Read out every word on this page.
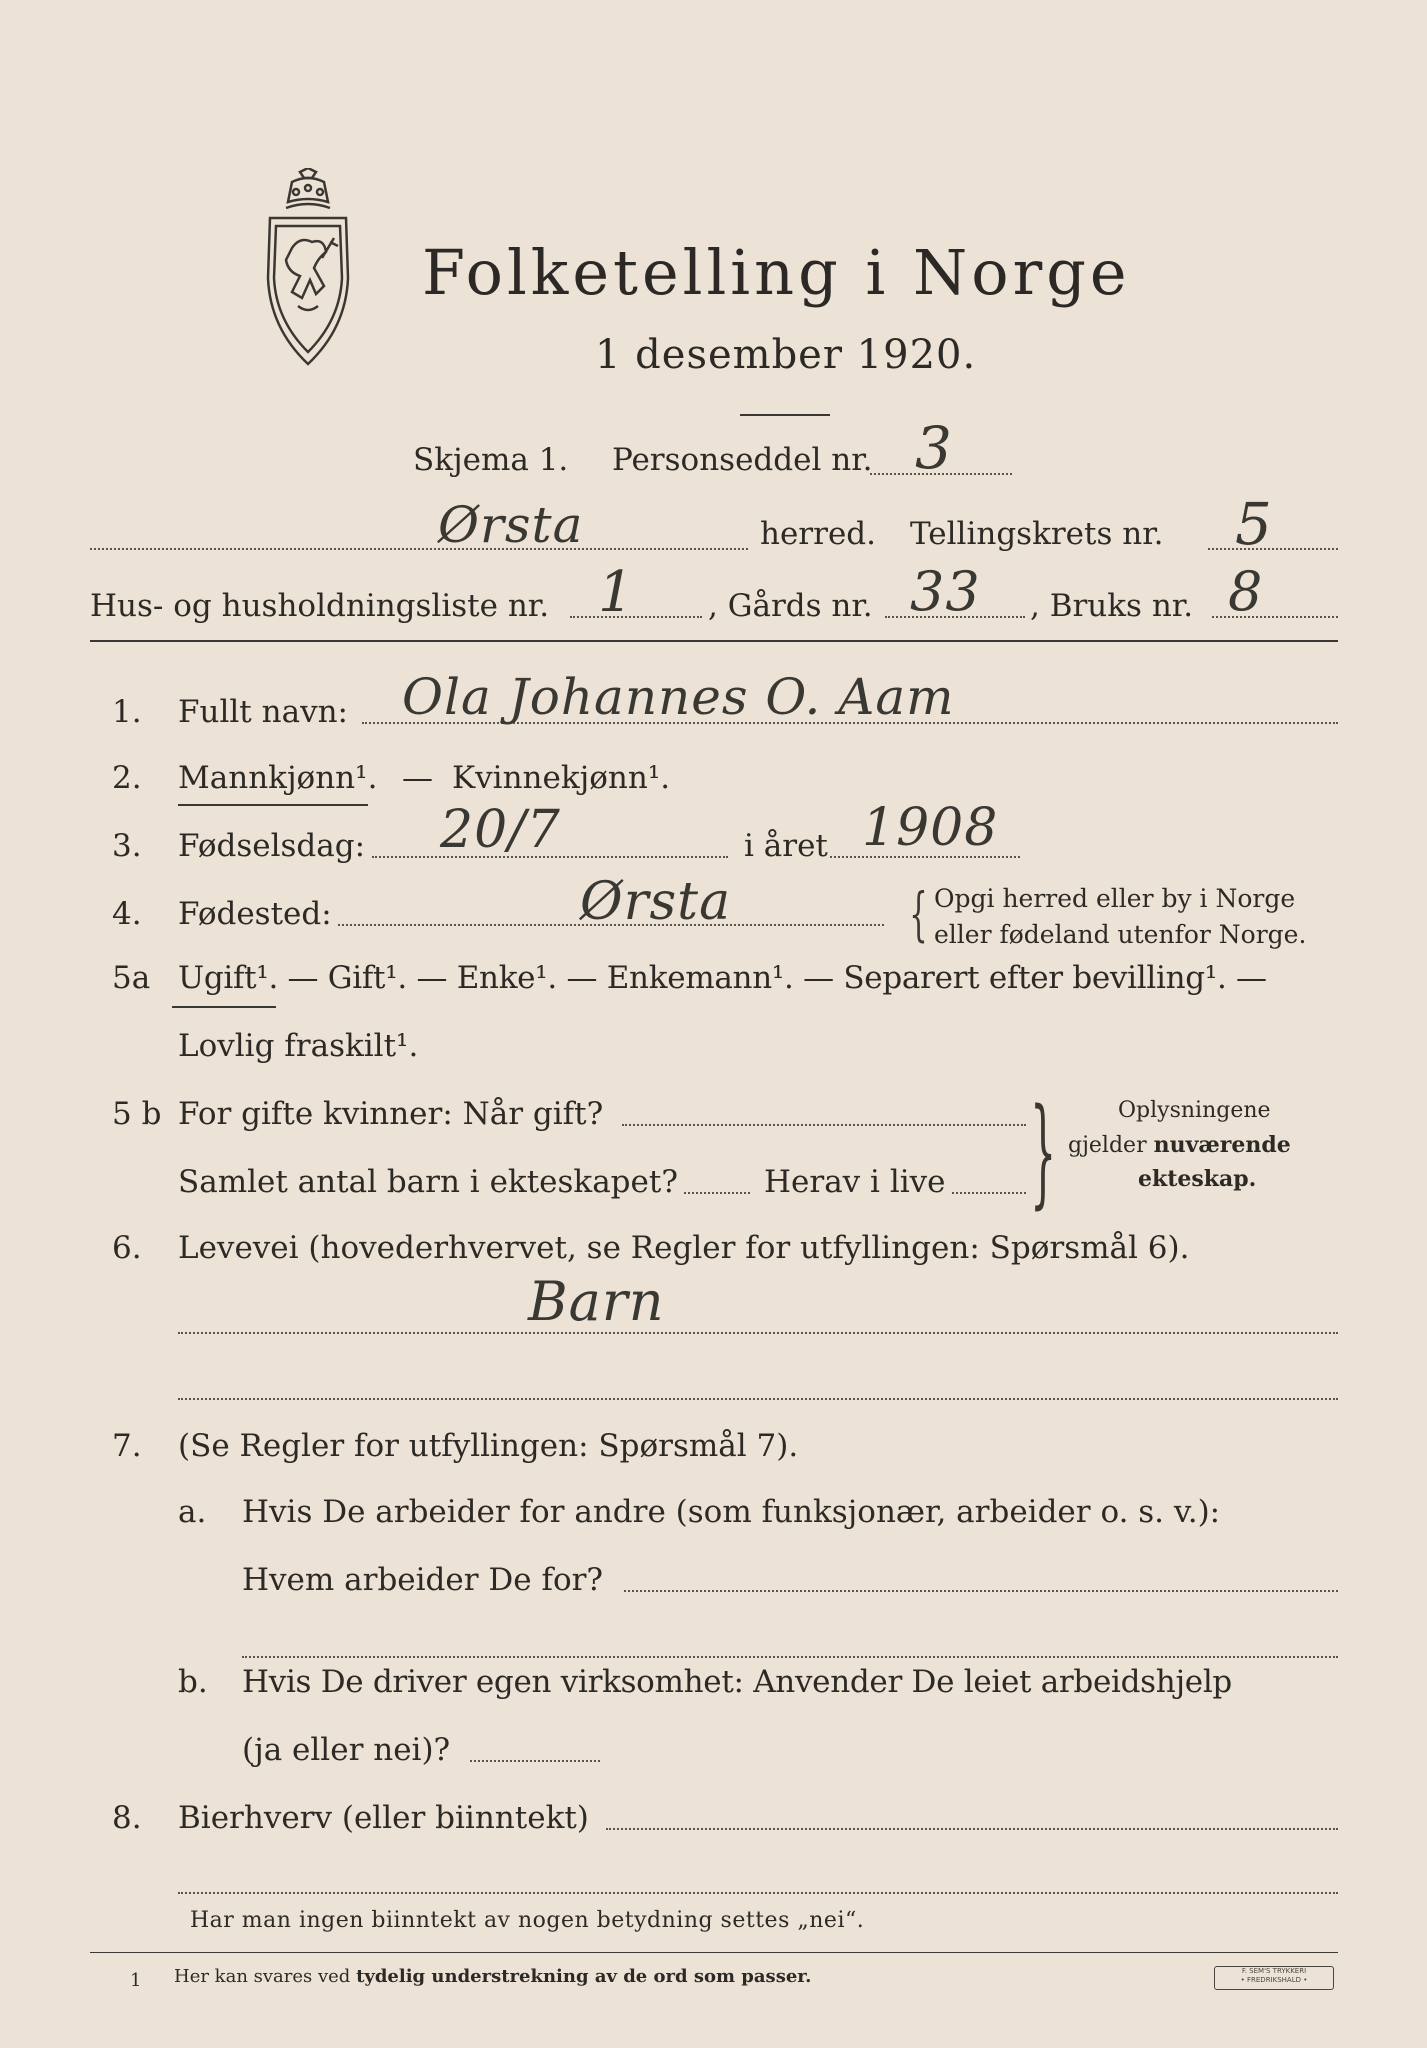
Folketelling i Norge
1 desember 1920.
Skjema 1. Personseddel nr. 3
Ørsta	herred. Tellingskrets nr. 5
Hus- og husholdningsliste nr. 1 , Gårds nr. 33 , Bruks nr. 8
1. Fullt navn: Ola Johannes O. Aam
2. Mannkjønn¹. — Kvinnekjønn¹.
3. Fødselsdag: 20/7	i året 1908
4. Fødested:	Ørsta	{ Opgi herred eller by i Norge
eller fødeland utenfor Norge.
5a Ugift¹. — Gift¹. — Enke¹. — Enkemann¹. — Separert efter bevilling¹. —
Lovlig fraskilt¹.
5 b For gifte kvinner: Når gift?
Samlet antal barn i ekteskapet?	Herav i live }	Oplysningene
gjelder nuværende
ekteskap.
6. Levevei (hovederhvervet, se Regler for utfyllingen: Spørsmål 6).
Barn
7. (Se Regler for utfyllingen: Spørsmål 7).
a. Hvis De arbeider for andre (som funksjonær, arbeider o. s. v.):
Hvem arbeider De for?
b. Hvis De driver egen virksomhet: Anvender De leiet arbeidshjelp
(ja eller nei)?
8. Bierhverv (eller biinntekt)
Har man ingen biinntekt av nogen betydning settes „nei“.
1 Her kan svares ved tydelig understrekning av de ord som passer.	F. SEM'S TRYKKERI
• FREDRIKSHALD •
